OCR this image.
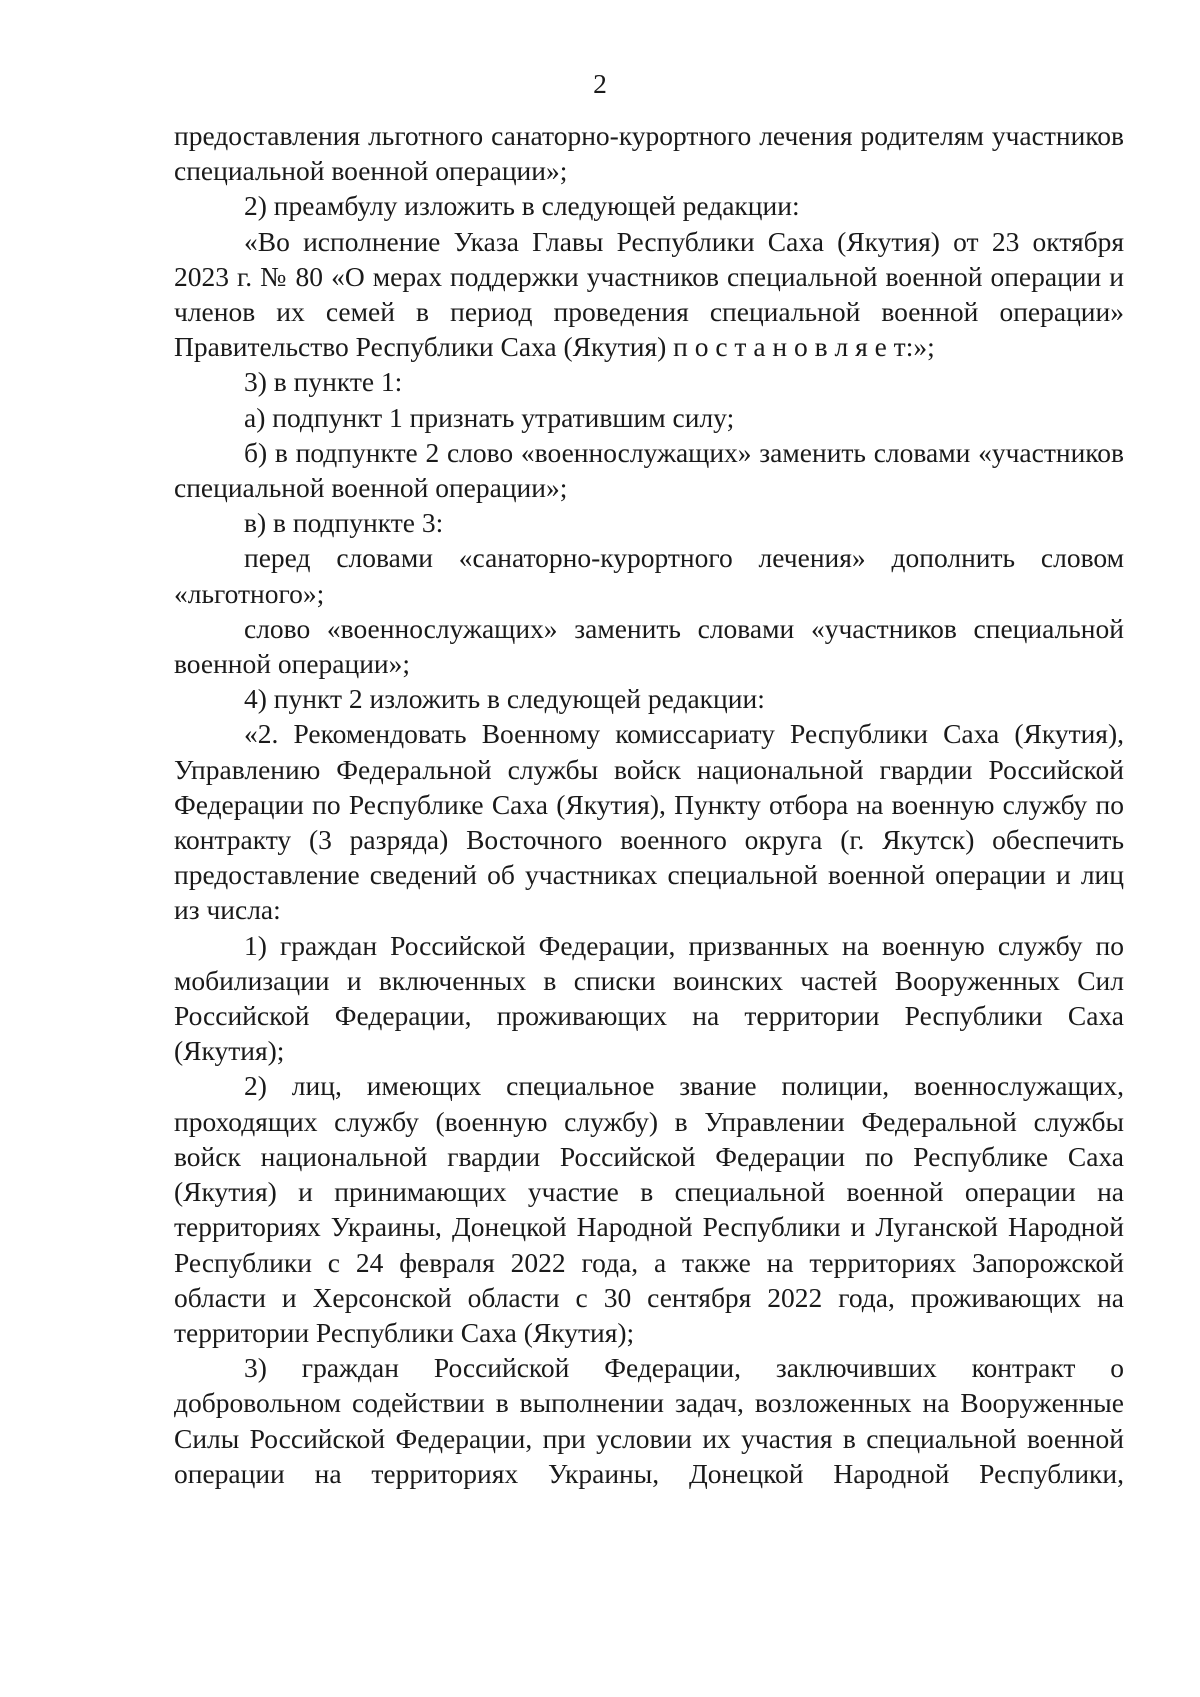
2

предоставления льготного санаторно-курортного лечения родителям участников специальной военной операции»;

2) преамбулу изложить в следующей редакции:

«Во исполнение Указа Главы Республики Саха (Якутия) от 23 октября 2023 г. № 80 «О мерах поддержки участников специальной военной операции и членов их семей в период проведения специальной военной операции» Правительство Республики Саха (Якутия) п о с т а н о в л я е т:»;

3) в пункте 1:

а) подпункт 1 признать утратившим силу;

б) в подпункте 2 слово «военнослужащих» заменить словами «участников специальной военной операции»;

в) в подпункте 3:

перед словами «санаторно-курортного лечения» дополнить словом «льготного»;

слово «военнослужащих» заменить словами «участников специальной военной операции»;

4) пункт 2 изложить в следующей редакции:

«2. Рекомендовать Военному комиссариату Республики Саха (Якутия), Управлению Федеральной службы войск национальной гвардии Российской Федерации по Республике Саха (Якутия), Пункту отбора на военную службу по контракту (3 разряда) Восточного военного округа (г. Якутск) обеспечить предоставление сведений об участниках специальной военной операции и лиц из числа:

1) граждан Российской Федерации, призванных на военную службу по мобилизации и включенных в списки воинских частей Вооруженных Сил Российской Федерации, проживающих на территории Республики Саха (Якутия);

2) лиц, имеющих специальное звание полиции, военнослужащих, проходящих службу (военную службу) в Управлении Федеральной службы войск национальной гвардии Российской Федерации по Республике Саха (Якутия) и принимающих участие в специальной военной операции на территориях Украины, Донецкой Народной Республики и Луганской Народной Республики с 24 февраля 2022 года, а также на территориях Запорожской области и Херсонской области с 30 сентября 2022 года, проживающих на территории Республики Саха (Якутия);

3) граждан Российской Федерации, заключивших контракт о добровольном содействии в выполнении задач, возложенных на Вооруженные Силы Российской Федерации, при условии их участия в специальной военной операции на территориях Украины, Донецкой Народной Республики,
